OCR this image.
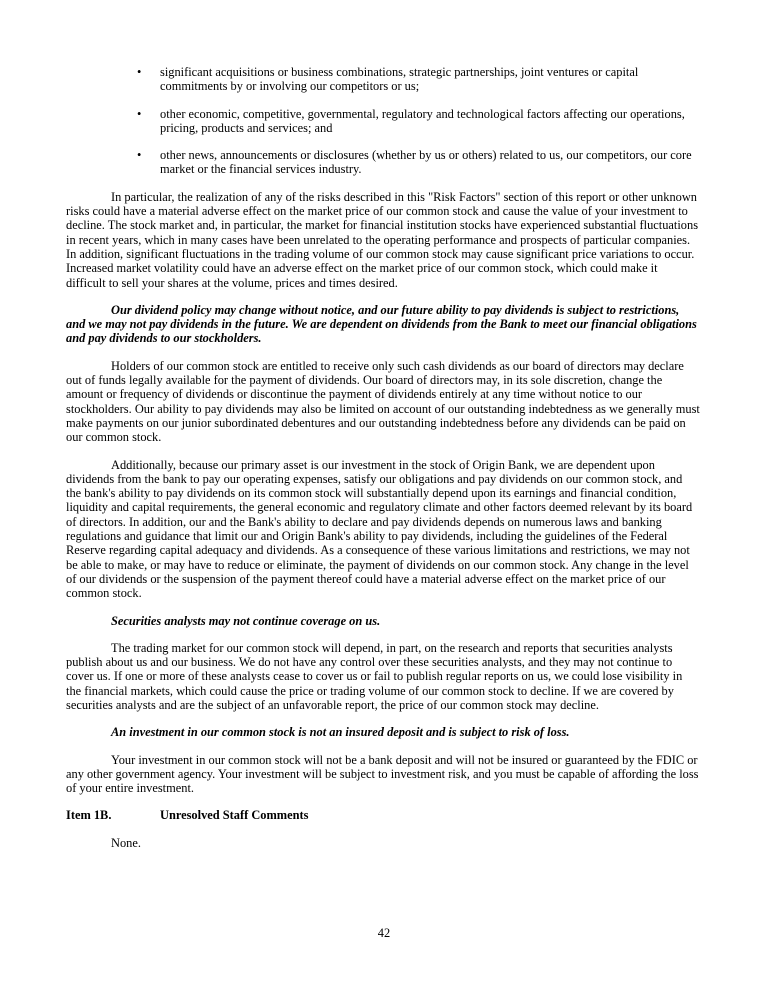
• significant acquisitions or business combinations, strategic partnerships, joint ventures or capital commitments by or involving our competitors or us;
• other economic, competitive, governmental, regulatory and technological factors affecting our operations, pricing, products and services; and
• other news, announcements or disclosures (whether by us or others) related to us, our competitors, our core market or the financial services industry.

In particular, the realization of any of the risks described in this "Risk Factors" section of this report or other unknown risks could have a material adverse effect on the market price of our common stock and cause the value of your investment to decline. The stock market and, in particular, the market for financial institution stocks have experienced substantial fluctuations in recent years, which in many cases have been unrelated to the operating performance and prospects of particular companies. In addition, significant fluctuations in the trading volume of our common stock may cause significant price variations to occur. Increased market volatility could have an adverse effect on the market price of our common stock, which could make it difficult to sell your shares at the volume, prices and times desired.

Our dividend policy may change without notice, and our future ability to pay dividends is subject to restrictions, and we may not pay dividends in the future. We are dependent on dividends from the Bank to meet our financial obligations and pay dividends to our stockholders.

Holders of our common stock are entitled to receive only such cash dividends as our board of directors may declare out of funds legally available for the payment of dividends. Our board of directors may, in its sole discretion, change the amount or frequency of dividends or discontinue the payment of dividends entirely at any time without notice to our stockholders. Our ability to pay dividends may also be limited on account of our outstanding indebtedness as we generally must make payments on our junior subordinated debentures and our outstanding indebtedness before any dividends can be paid on our common stock.

Additionally, because our primary asset is our investment in the stock of Origin Bank, we are dependent upon dividends from the bank to pay our operating expenses, satisfy our obligations and pay dividends on our common stock, and the bank's ability to pay dividends on its common stock will substantially depend upon its earnings and financial condition, liquidity and capital requirements, the general economic and regulatory climate and other factors deemed relevant by its board of directors. In addition, our and the Bank's ability to declare and pay dividends depends on numerous laws and banking regulations and guidance that limit our and Origin Bank's ability to pay dividends, including the guidelines of the Federal Reserve regarding capital adequacy and dividends. As a consequence of these various limitations and restrictions, we may not be able to make, or may have to reduce or eliminate, the payment of dividends on our common stock. Any change in the level of our dividends or the suspension of the payment thereof could have a material adverse effect on the market price of our common stock.

Securities analysts may not continue coverage on us.

The trading market for our common stock will depend, in part, on the research and reports that securities analysts publish about us and our business. We do not have any control over these securities analysts, and they may not continue to cover us. If one or more of these analysts cease to cover us or fail to publish regular reports on us, we could lose visibility in the financial markets, which could cause the price or trading volume of our common stock to decline. If we are covered by securities analysts and are the subject of an unfavorable report, the price of our common stock may decline.

An investment in our common stock is not an insured deposit and is subject to risk of loss.

Your investment in our common stock will not be a bank deposit and will not be insured or guaranteed by the FDIC or any other government agency. Your investment will be subject to investment risk, and you must be capable of affording the loss of your entire investment.

Item 1B.	Unresolved Staff Comments

None.

42
